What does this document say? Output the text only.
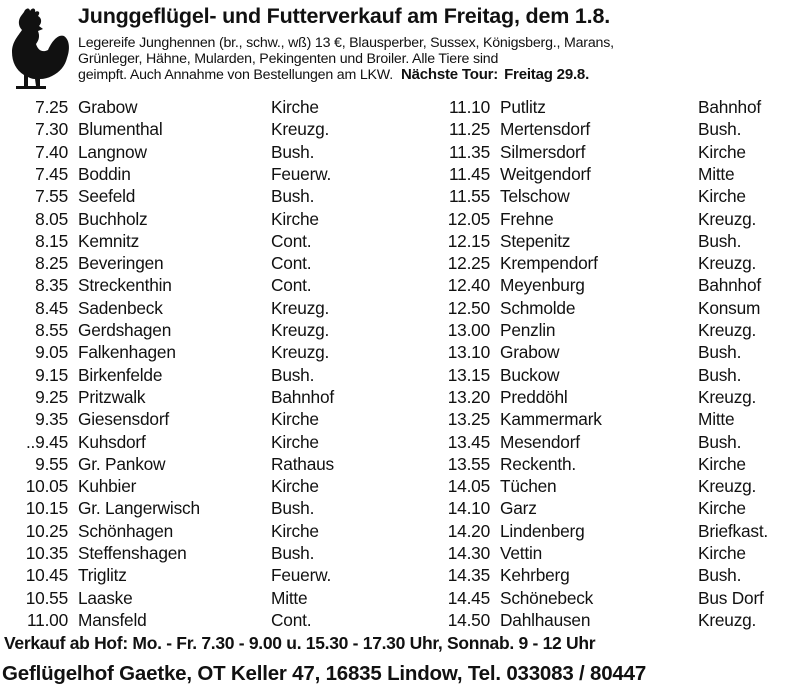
Junggeflügel- und Futterverkauf am Freitag, dem 1.8.
Legereife Junghennen (br., schw., wß) 13 €, Blausperber, Sussex, Königsberg., Marans,
Grünleger, Hähne, Mularden, Pekingenten und Broiler. Alle Tiere sind
geimpft. Auch Annahme von Bestellungen am LKW. Nächste Tour: Freitag 29.8.
7.25 Grabow	Kirche
7.30 Blumenthal	Kreuzg.
7.40 Langnow	Bush.
7.45 Boddin	Feuerw.
7.55 Seefeld	Bush.
8.05 Buchholz	Kirche
8.15 Kemnitz	Cont.
8.25 Beveringen	Cont.
8.35 Streckenthin	Cont.
8.45 Sadenbeck	Kreuzg.
8.55 Gerdshagen	Kreuzg.
9.05 Falkenhagen	Kreuzg.
9.15 Birkenfelde	Bush.
9.25 Pritzwalk	Bahnhof
9.35 Giesensdorf	Kirche
..9.45 Kuhsdorf	Kirche
9.55 Gr. Pankow	Rathaus
10.05 Kuhbier	Kirche
10.15 Gr. Langerwisch	Bush.
10.25 Schönhagen	Kirche
10.35 Steffenshagen	Bush.
10.45 Triglitz	Feuerw.
10.55 Laaske	Mitte
11.00 Mansfeld	Cont.
11.10 Putlitz	Bahnhof
11.25 Mertensdorf	Bush.
11.35 Silmersdorf	Kirche
11.45 Weitgendorf	Mitte
11.55 Telschow	Kirche
12.05 Frehne	Kreuzg.
12.15 Stepenitz	Bush.
12.25 Krempendorf	Kreuzg.
12.40 Meyenburg	Bahnhof
12.50 Schmolde	Konsum
13.00 Penzlin	Kreuzg.
13.10 Grabow	Bush.
13.15 Buckow	Bush.
13.20 Preddöhl	Kreuzg.
13.25 Kammermark	Mitte
13.45 Mesendorf	Bush.
13.55 Reckenth.	Kirche
14.05 Tüchen	Kreuzg.
14.10 Garz	Kirche
14.20 Lindenberg	Briefkast.
14.30 Vettin	Kirche
14.35 Kehrberg	Bush.
14.45 Schönebeck	Bus Dorf
14.50 Dahlhausen	Kreuzg.
Verkauf ab Hof: Mo. - Fr. 7.30 - 9.00 u. 15.30 - 17.30 Uhr, Sonnab. 9 - 12 Uhr
Geflügelhof Gaetke, OT Keller 47, 16835 Lindow, Tel. 033083 / 80447
